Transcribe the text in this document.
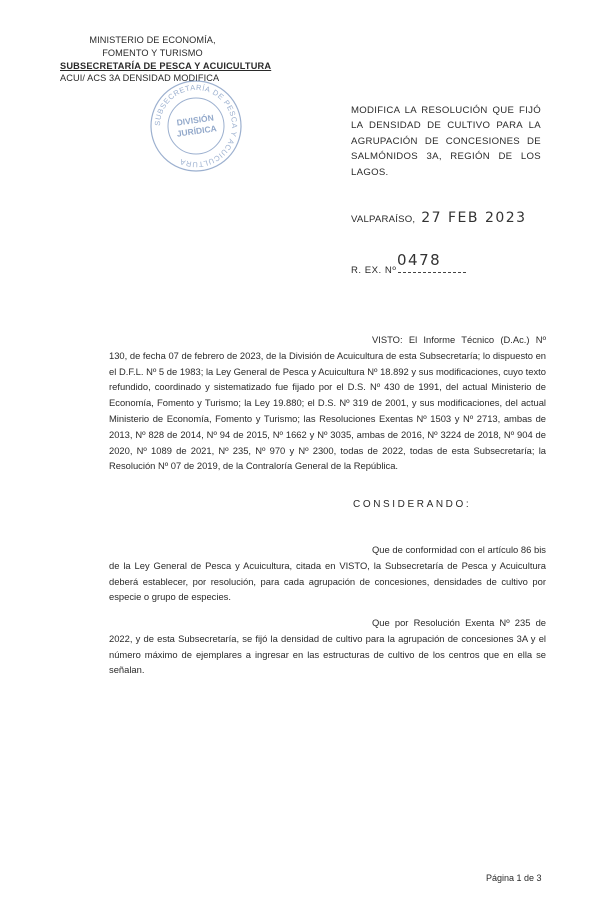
MINISTERIO DE ECONOMÍA,
FOMENTO Y TURISMO
SUBSECRETARÍA DE PESCA Y ACUICULTURA
ACUI/ ACS 3A DENSIDAD MODIFICA
SUBSECRETARÍA DE PESCA Y ACUICULTURA
DIVISIÓN
JURÍDICA
MODIFICA LA RESOLUCIÓN QUE FIJÓ LA DENSIDAD DE CULTIVO PARA LA AGRUPACIÓN DE CONCESIONES DE SALMÓNIDOS 3A, REGIÓN DE LOS LAGOS.
VALPARAÍSO, 27 FEB 2023
R. EX. Nº
0478

VISTO: El Informe Técnico (D.Ac.) Nº 130, de fecha 07 de febrero de 2023, de la División de Acuicultura de esta Subsecretaría; lo dispuesto en el D.F.L. Nº 5 de 1983; la Ley General de Pesca y Acuicultura Nº 18.892 y sus modificaciones, cuyo texto refundido, coordinado y sistematizado fue fijado por el D.S. Nº 430 de 1991, del actual Ministerio de Economía, Fomento y Turismo; la Ley 19.880; el D.S. Nº 319 de 2001, y sus modificaciones, del actual Ministerio de Economía, Fomento y Turismo; las Resoluciones Exentas Nº 1503 y Nº 2713, ambas de 2013, Nº 828 de 2014, Nº 94 de 2015, Nº 1662 y Nº 3035, ambas de 2016, Nº 3224 de 2018, Nº 904 de 2020, Nº 1089 de 2021, Nº 235, Nº 970 y Nº 2300, todas de 2022, todas de esta Subsecretaría; la Resolución Nº 07 de 2019, de la Contraloría General de la República.

CONSIDERANDO:

Que de conformidad con el artículo 86 bis de la Ley General de Pesca y Acuicultura, citada en VISTO, la Subsecretaría de Pesca y Acuicultura deberá establecer, por resolución, para cada agrupación de concesiones, densidades de cultivo por especie o grupo de especies.

Que por Resolución Exenta Nº 235 de 2022, y de esta Subsecretaría, se fijó la densidad de cultivo para la agrupación de concesiones 3A y el número máximo de ejemplares a ingresar en las estructuras de cultivo de los centros que en ella se señalan.

Página 1 de 3
